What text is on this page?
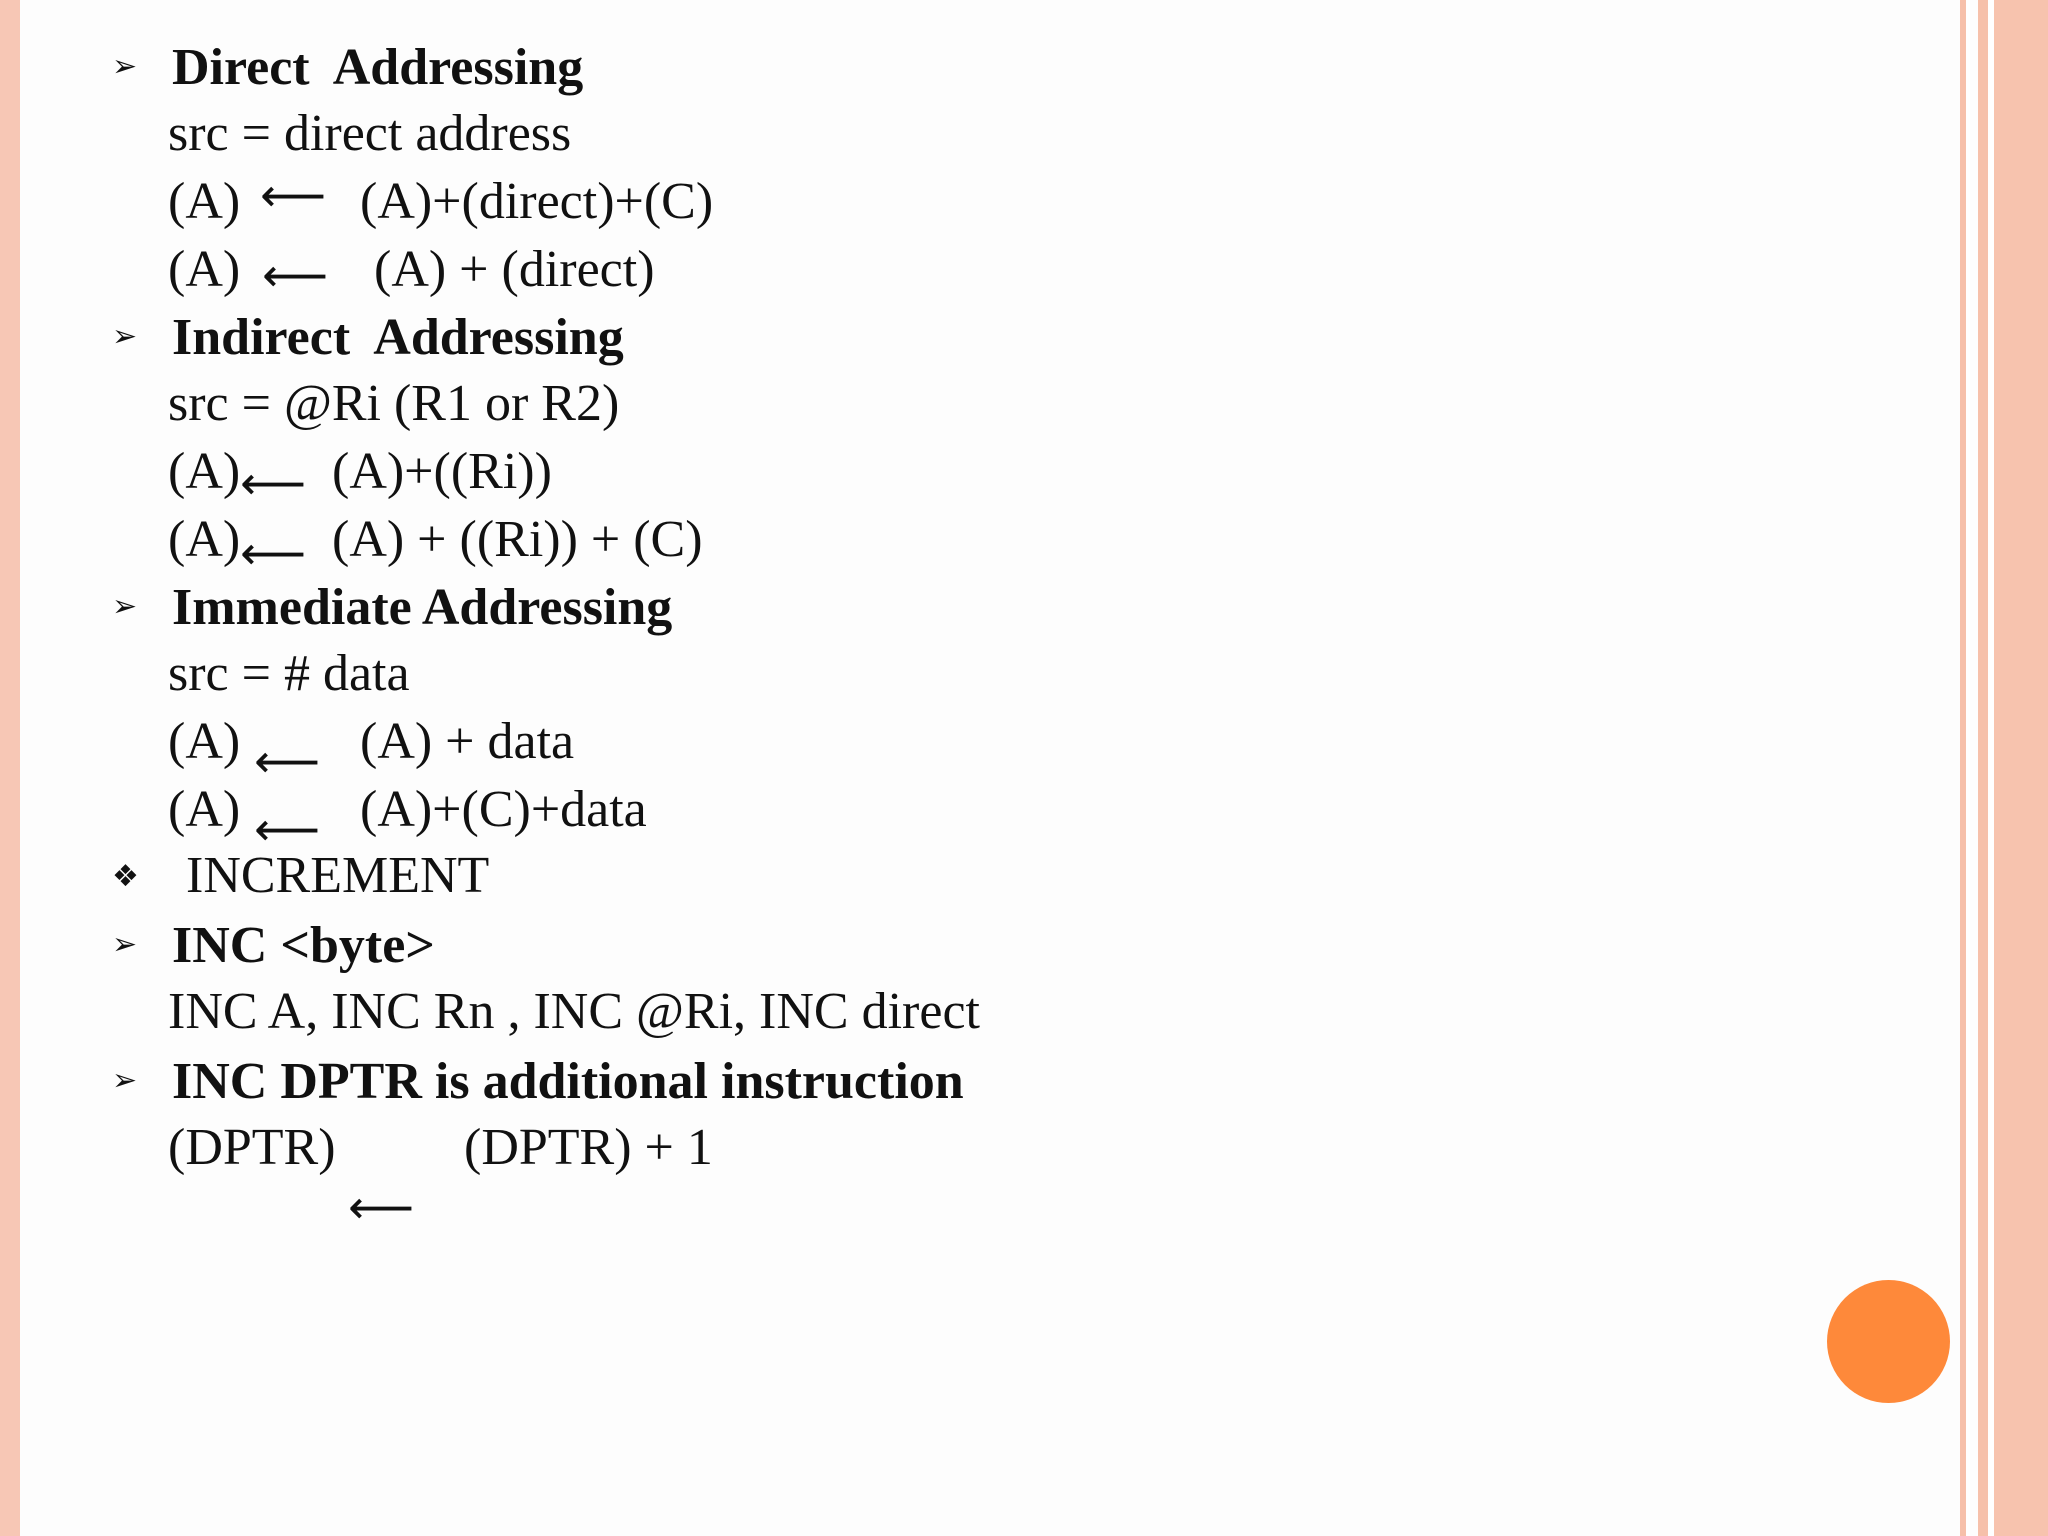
➢ Direct  Addressing
src = direct address
(A) ⟵ (A)+(direct)+(C)
(A) ⟵ (A) + (direct)
➢ Indirect  Addressing
src = @Ri (R1 or R2)
(A) ⟵ (A)+((Ri))
(A) ⟵ (A) + ((Ri)) + (C)
➢ Immediate Addressing
src = # data
(A) ⟵ (A) + data
(A) ⟵ (A)+(C)+data
❖ INCREMENT
➢ INC <byte>
INC A, INC Rn , INC @Ri, INC direct
➢ INC DPTR is additional instruction
(DPTR) (DPTR) + 1
⟵
